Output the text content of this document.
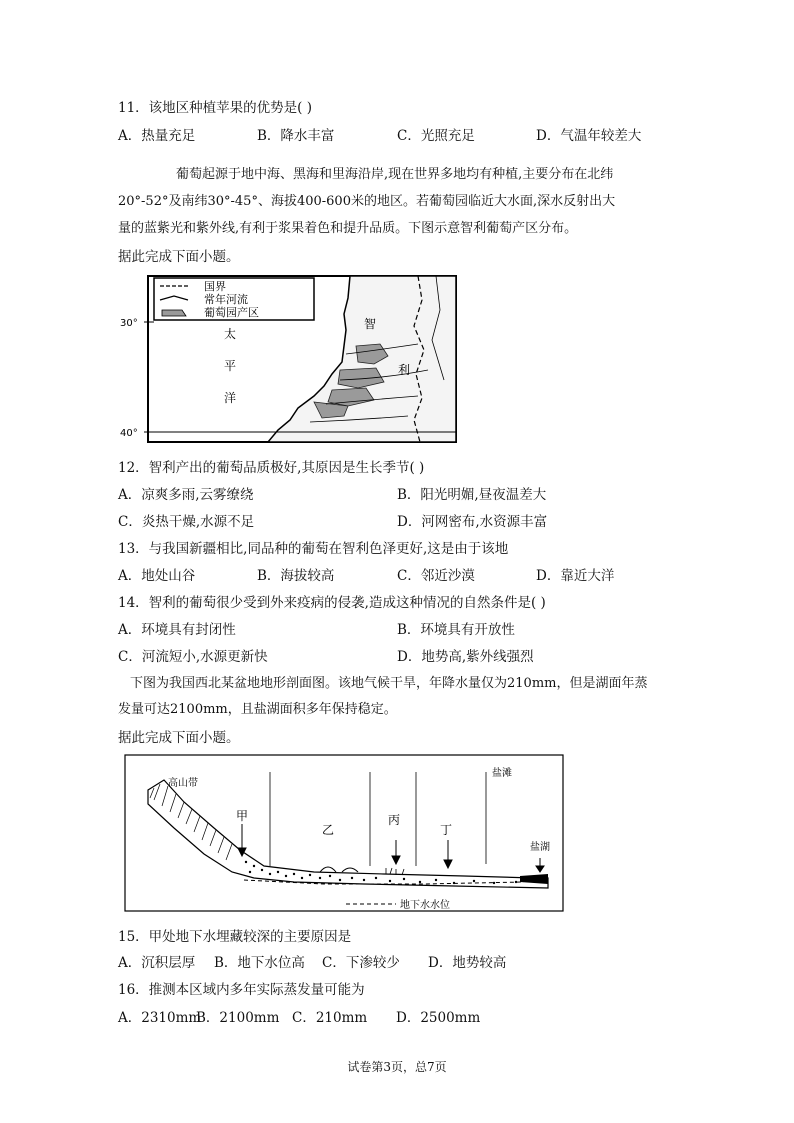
11．该地区种植苹果的优势是( )
A．热量充足	B．降水丰富	C．光照充足	D．气温年较差大
葡萄起源于地中海、黑海和里海沿岸,现在世界多地均有种植,主要分布在北纬
20°-52°及南纬30°-45°、海拔400-600米的地区。若葡萄园临近大水面,深水反射出大
量的蓝紫光和紫外线,有利于浆果着色和提升品质。下图示意智利葡萄产区分布。
据此完成下面小题。
国界
常年河流
葡萄园产区
30°
40°
太
平
洋
智
利
12．智利产出的葡萄品质极好,其原因是生长季节( )
A．凉爽多雨,云雾缭绕	B．阳光明媚,昼夜温差大
C．炎热干燥,水源不足	D．河网密布,水资源丰富
13．与我国新疆相比,同品种的葡萄在智利色泽更好,这是由于该地
A．地处山谷	B．海拔较高	C．邻近沙漠	D．靠近大洋
14．智利的葡萄很少受到外来疫病的侵袭,造成这种情况的自然条件是( )
A．环境具有封闭性	B．环境具有开放性
C．河流短小,水源更新快	D．地势高,紫外线强烈
下图为我国西北某盆地地形剖面图。该地气候干旱，年降水量仅为210mm，但是湖面年蒸
发量可达2100mm，且盐湖面积多年保持稳定。
据此完成下面小题。
高山带
甲
乙
丙
丁
盐滩
盐湖
地下水水位
15．甲处地下水埋藏较深的主要原因是
A．沉积层厚 B．地下水位高 C．下渗较少 D．地势较高
16．推测本区域内多年实际蒸发量可能为
A．2310mm
B．2100mm C．210mm D．2500mm
试卷第3页，总7页
